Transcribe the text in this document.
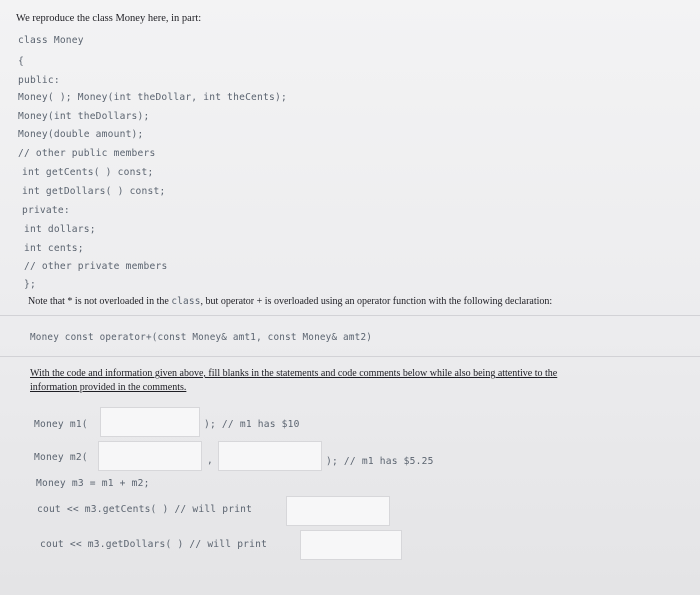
We reproduce the class Money here, in part:
class Money
{
public:
Money( ); Money(int theDollar, int theCents);
Money(int theDollars);
Money(double amount);
// other public members
int getCents( ) const;
int getDollars( ) const;
private:
int dollars;
int cents;
// other private members
};
Note that * is not overloaded in the class, but operator + is overloaded using an operator function with the following declaration:
Money const operator+(const Money& amt1, const Money& amt2)
With the code and information given above, fill blanks in the statements and code comments below while also being attentive to the
information provided in the comments.
Money m1(	); // m1 has $10
Money m2(	,	); // m1 has $5.25
Money m3 = m1 + m2;
cout << m3.getCents( ) // will print
cout << m3.getDollars( ) // will print
